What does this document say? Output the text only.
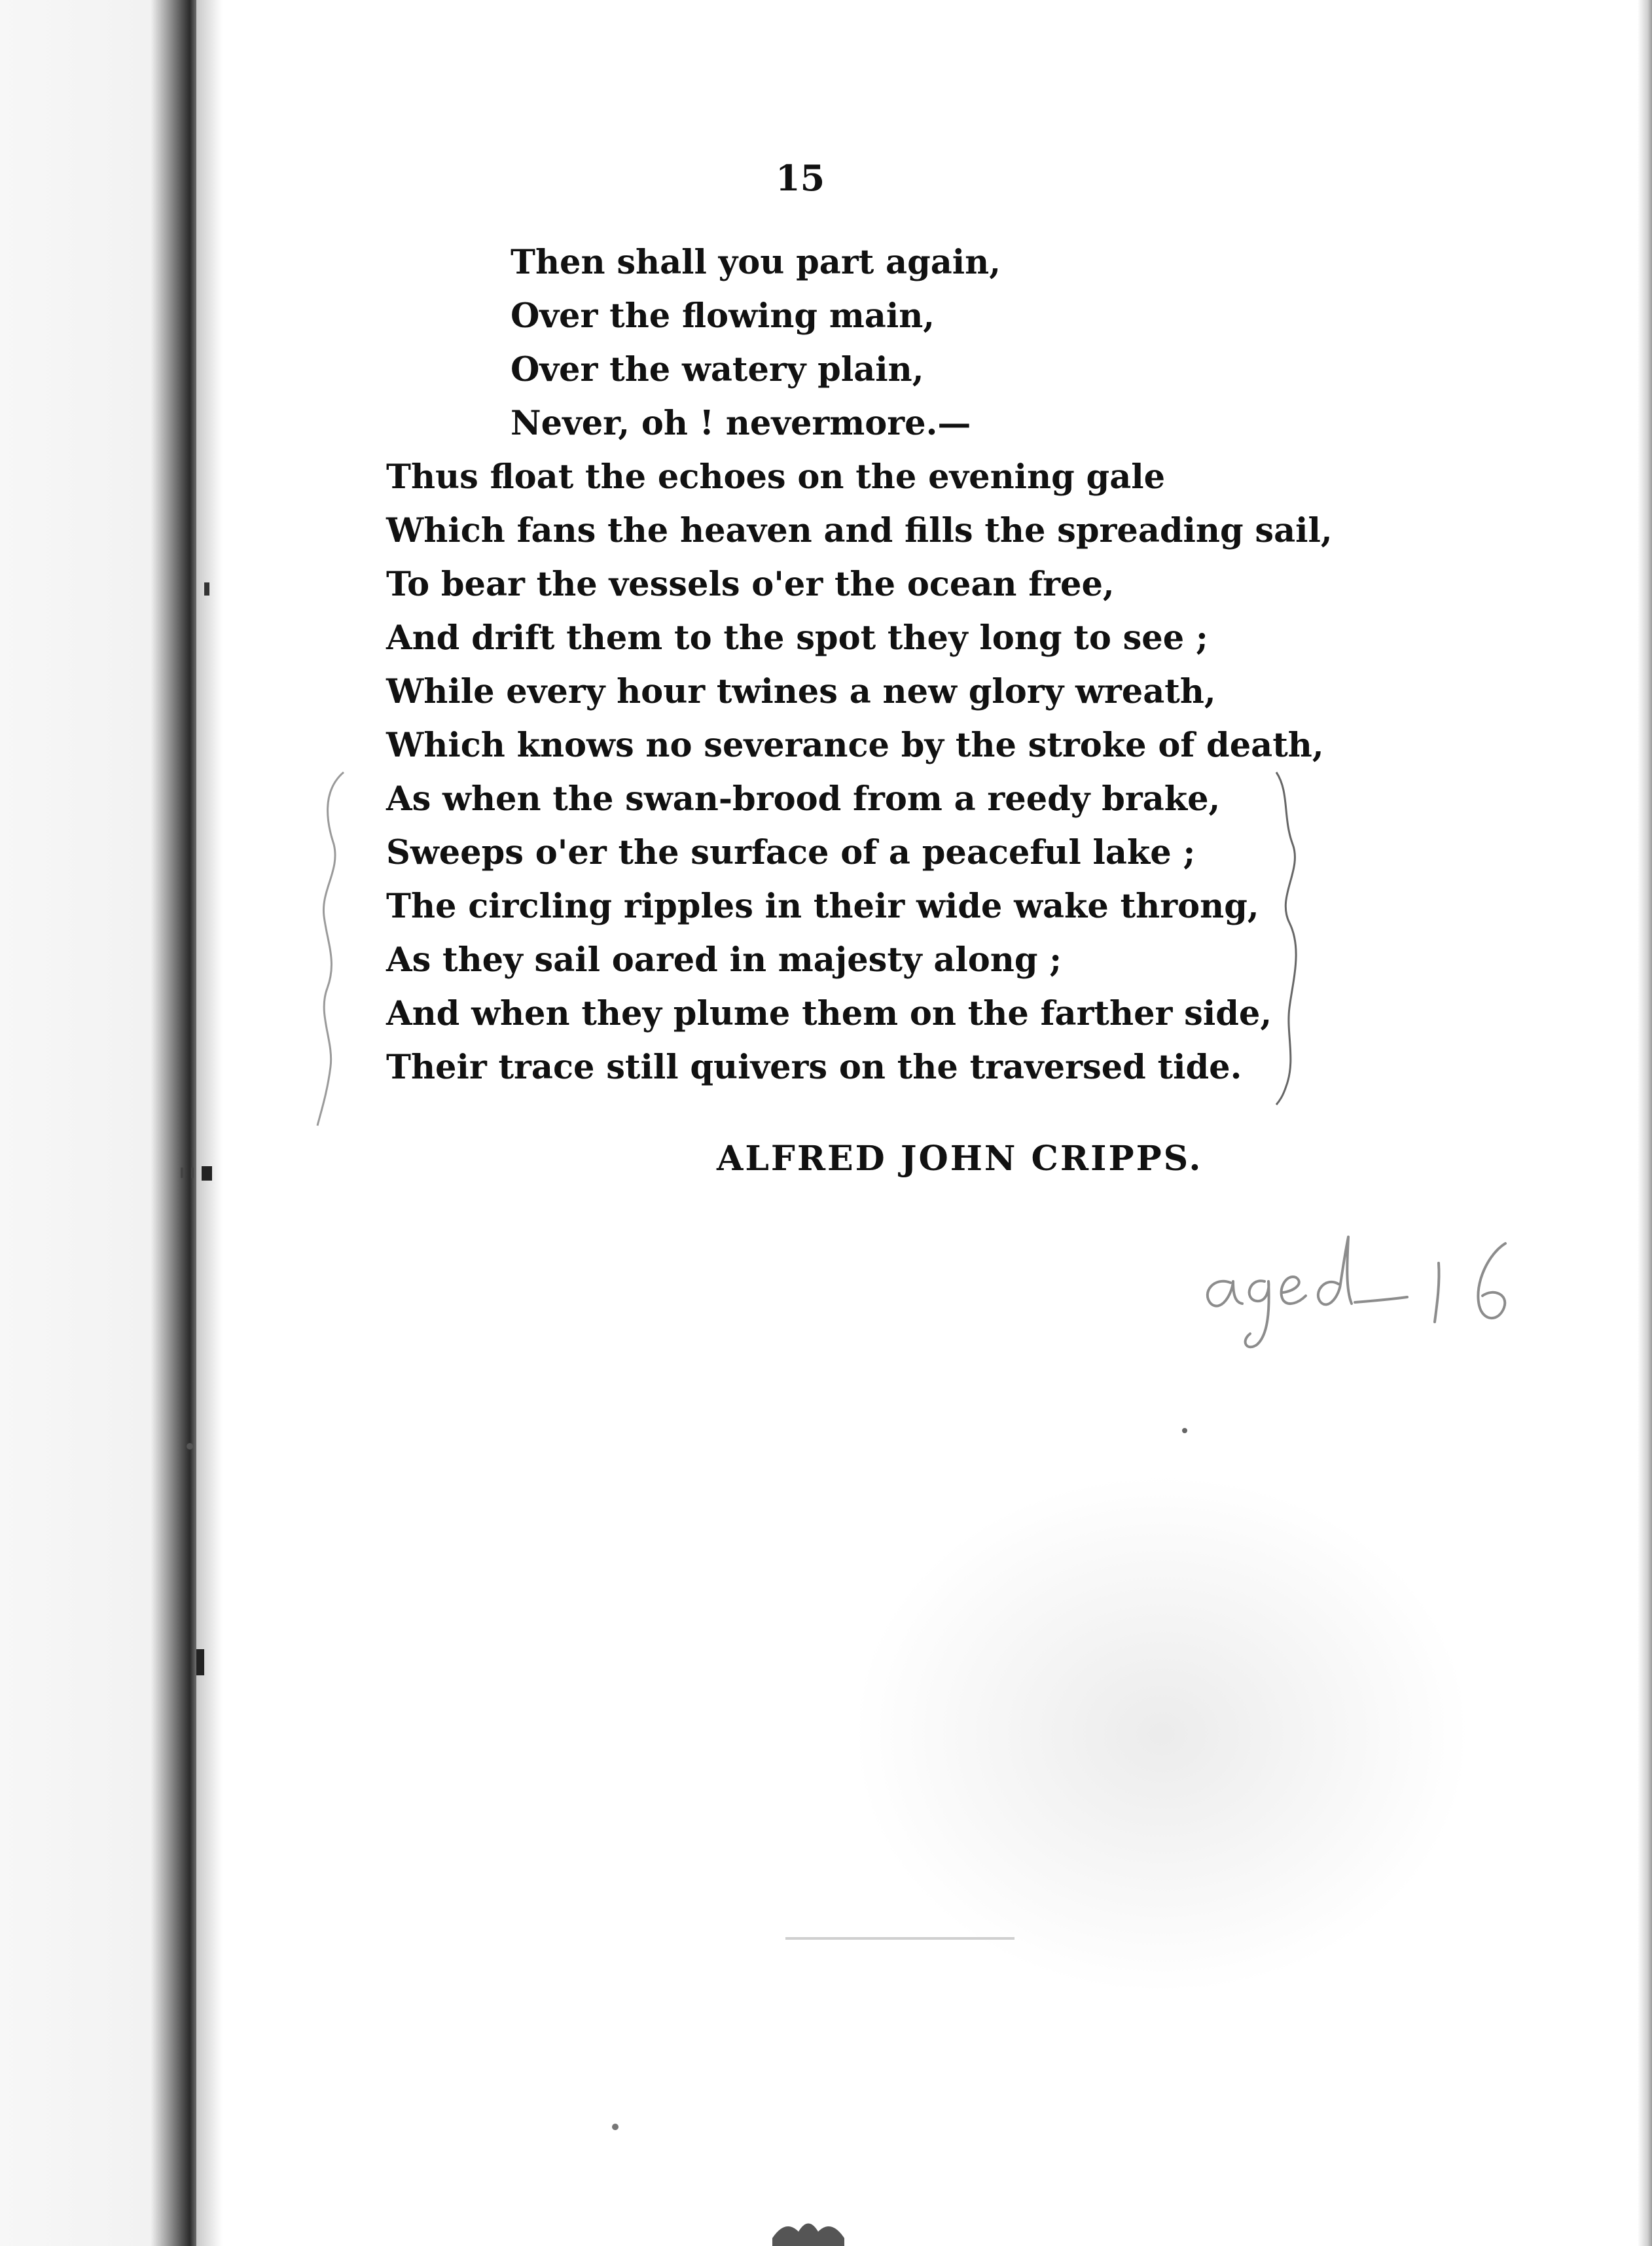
15
Then shall you part again,
Over the flowing main,
Over the watery plain,
Never, oh ! nevermore.—
Thus float the echoes on the evening gale
Which fans the heaven and fills the spreading sail,
To bear the vessels o'er the ocean free,
And drift them to the spot they long to see ;
While every hour twines a new glory wreath,
Which knows no severance by the stroke of death,
As when the swan-brood from a reedy brake,
Sweeps o'er the surface of a peaceful lake ;
The circling ripples in their wide wake throng,
As they sail oared in majesty along ;
And when they plume them on the farther side,
Their trace still quivers on the traversed tide.
ALFRED JOHN CRIPPS.
